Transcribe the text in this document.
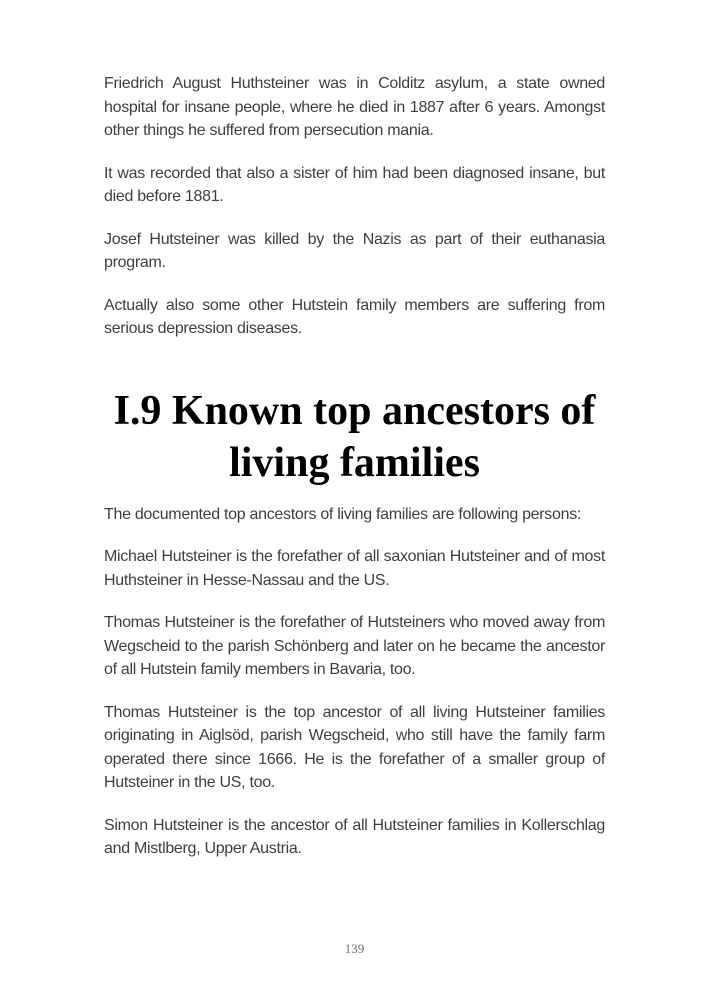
Friedrich August Huthsteiner was in Colditz asylum, a state owned hospital for insane people, where he died in 1887 after 6 years. Amongst other things he suffered from persecution mania.

It was recorded that also a sister of him had been diagnosed insane, but died before 1881.

Josef Hutsteiner was killed by the Nazis as part of their euthanasia program.

Actually also some other Hutstein family members are suffering from serious depression diseases.

I.9 Known top ancestors of living families

The documented top ancestors of living families are following persons:

Michael Hutsteiner is the forefather of all saxonian Hutsteiner and of most Huthsteiner in Hesse-Nassau and the US.

Thomas Hutsteiner is the forefather of Hutsteiners who moved away from Wegscheid to the parish Schönberg and later on he became the ancestor of all Hutstein family members in Bavaria, too.

Thomas Hutsteiner is the top ancestor of all living Hutsteiner families originating in Aiglsöd, parish Wegscheid, who still have the family farm operated there since 1666. He is the forefather of a smaller group of Hutsteiner in the US, too.

Simon Hutsteiner is the ancestor of all Hutsteiner families in Kollerschlag and Mistlberg, Upper Austria.

139
